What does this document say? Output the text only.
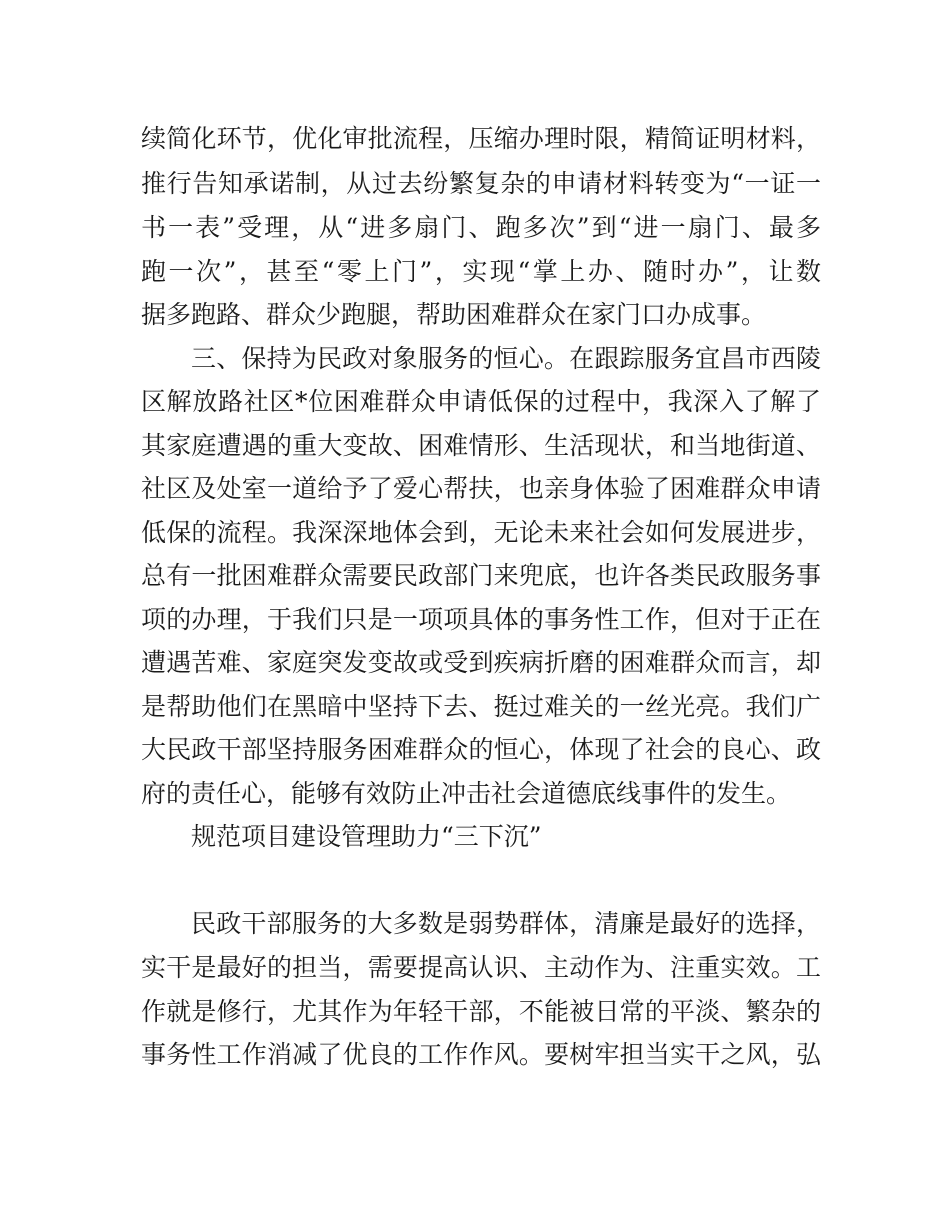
续简化环节，优化审批流程，压缩办理时限，精简证明材料，
推行告知承诺制，从过去纷繁复杂的申请材料转变为“一证一
书一表”受理，从“进多扇门、跑多次”到“进一扇门、最多
跑一次”，甚至“零上门”，实现“掌上办、随时办”，让数
据多跑路、群众少跑腿，帮助困难群众在家门口办成事。
三、保持为民政对象服务的恒心。在跟踪服务宜昌市西陵
区解放路社区*位困难群众申请低保的过程中，我深入了解了
其家庭遭遇的重大变故、困难情形、生活现状，和当地街道、
社区及处室一道给予了爱心帮扶，也亲身体验了困难群众申请
低保的流程。我深深地体会到，无论未来社会如何发展进步，
总有一批困难群众需要民政部门来兜底，也许各类民政服务事
项的办理，于我们只是一项项具体的事务性工作，但对于正在
遭遇苦难、家庭突发变故或受到疾病折磨的困难群众而言，却
是帮助他们在黑暗中坚持下去、挺过难关的一丝光亮。我们广
大民政干部坚持服务困难群众的恒心，体现了社会的良心、政
府的责任心，能够有效防止冲击社会道德底线事件的发生。
规范项目建设管理助力“三下沉”
民政干部服务的大多数是弱势群体，清廉是最好的选择，
实干是最好的担当，需要提高认识、主动作为、注重实效。工
作就是修行，尤其作为年轻干部，不能被日常的平淡、繁杂的
事务性工作消减了优良的工作作风。要树牢担当实干之风，弘
